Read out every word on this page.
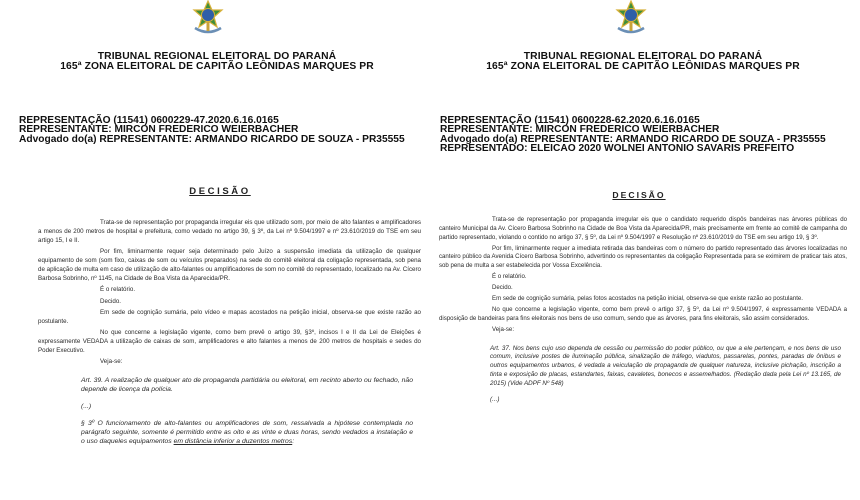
TRIBUNAL REGIONAL ELEITORAL DO PARANÁ
165ª ZONA ELEITORAL DE CAPITÃO LEÔNIDAS MARQUES PR
REPRESENTAÇÃO (11541) 0600229-47.2020.6.16.0165
REPRESENTANTE: MIRCON FREDERICO WEIERBACHER
Advogado do(a) REPRESENTANTE: ARMANDO RICARDO DE SOUZA - PR35555
DECISÃO

Trata-se de representação por propaganda irregular eis que utilizado som, por meio de alto falantes e amplificadores a menos de 200 metros de hospital e prefeitura, como vedado no artigo 39, § 3º, da Lei nº 9.504/1997 e nº 23.610/2019 do TSE em seu artigo 15, I e II.

Por fim, liminarmente requer seja determinado pelo Juízo a suspensão imediata da utilização de qualquer equipamento de som (som fixo, caixas de som ou veículos preparados) na sede do comitê eleitoral da coligação representada, sob pena de aplicação de multa em caso de utilização de alto-falantes ou amplificadores de som no comitê do representado, localizado na Av. Cícero Barbosa Sobrinho, nº 1145, na Cidade de Boa Vista da Aparecida/PR.

É o relatório.

Decido.

Em sede de cognição sumária, pelo vídeo e mapas acostados na petição inicial, observa-se que existe razão ao postulante.

No que concerne a legislação vigente, como bem prevê o artigo 39, §3º, incisos I e II da Lei de Eleições é expressamente VEDADA a utilização de caixas de som, amplificadores e alto falantes a menos de 200 metros de hospitais e sedes do Poder Executivo.

Veja-se:

Art. 39. A realização de qualquer ato de propaganda partidária ou eleitoral, em recinto aberto ou fechado, não depende de licença da polícia.

(...)

§ 3º O funcionamento de alto-falantes ou amplificadores de som, ressalvada a hipótese contemplada no parágrafo seguinte, somente é permitido entre as oito e as vinte e duas horas, sendo vedados a instalação e o uso daqueles equipamentos em distância inferior a duzentos metros:

TRIBUNAL REGIONAL ELEITORAL DO PARANÁ
165ª ZONA ELEITORAL DE CAPITÃO LEÔNIDAS MARQUES PR
REPRESENTAÇÃO (11541) 0600228-62.2020.6.16.0165
REPRESENTANTE: MIRCON FREDERICO WEIERBACHER
Advogado do(a) REPRESENTANTE: ARMANDO RICARDO DE SOUZA - PR35555
REPRESENTADO: ELEICAO 2020 WOLNEI ANTONIO SAVARIS PREFEITO
DECISÃO

Trata-se de representação por propaganda irregular eis que o candidato requerido dispôs bandeiras nas árvores públicas do canteiro Municipal da Av. Cícero Barbosa Sobrinho na Cidade de Boa Vista da Aparecida/PR, mais precisamente em frente ao comitê de campanha do partido representado, violando o contido no artigo 37, § 5º, da Lei nº 9.504/1997 e Resolução nº 23.610/2019 do TSE em seu artigo 19, § 3º.

Por fim, liminarmente requer a imediata retirada das bandeiras com o número do partido representado das árvores localizadas no canteiro público da Avenida Cícero Barbosa Sobrinho, advertindo os representantes da coligação Representada para se eximirem de praticar tais atos, sob pena de multa a ser estabelecida por Vossa Excelência.

É o relatório.

Decido.

Em sede de cognição sumária, pelas fotos acostados na petição inicial, observa-se que existe razão ao postulante.

No que concerne a legislação vigente, como bem prevê o artigo 37, § 5º, da Lei nº 9.504/1997, é expressamente VEDADA a disposição de bandeiras para fins eleitorais nos bens de uso comum, sendo que as árvores, para fins eleitorais, são assim considerados.

Veja-se:

Art. 37. Nos bens cujo uso dependa de cessão ou permissão do poder público, ou que a ele pertençam, e nos bens de uso comum, inclusive postes de iluminação pública, sinalização de tráfego, viadutos, passarelas, pontes, paradas de ônibus e outros equipamentos urbanos, é vedada a veiculação de propaganda de qualquer natureza, inclusive pichação, inscrição a tinta e exposição de placas, estandartes, faixas, cavaletes, bonecos e assemelhados. (Redação dada pela Lei nº 13.165, de 2015) (Vide ADPF Nº 548)

(...)
